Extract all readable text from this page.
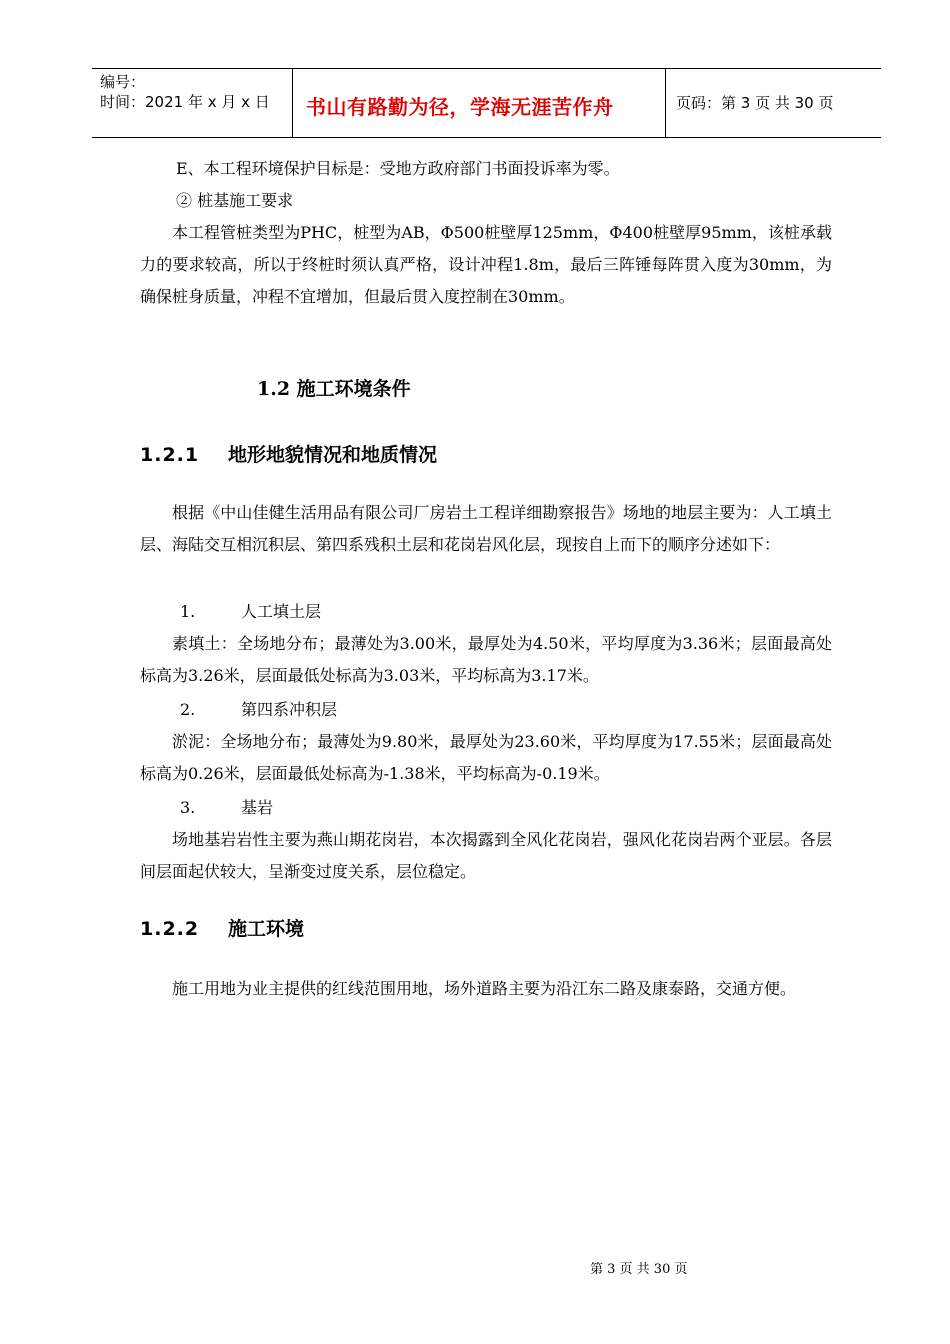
编号：
时间：2021 年 x 月 x 日 书山有路勤为径，学海无涯苦作舟	页码：第 3 页 共 30 页
E、本工程环境保护目标是：受地方政府部门书面投诉率为零。
② 桩基施工要求

本工程管桩类型为PHC，桩型为AB，Φ500桩壁厚125mm，Φ400桩壁厚95mm，该桩承载力的要求较高，所以于终桩时须认真严格，设计冲程1.8m，最后三阵锤每阵贯入度为30mm，为确保桩身质量，冲程不宜增加，但最后贯入度控制在30mm。

1.2 施工环境条件
1.2.1 地形地貌情况和地质情况

根据《中山佳健生活用品有限公司厂房岩土工程详细勘察报告》场地的地层主要为：人工填土层、海陆交互相沉积层、第四系残积土层和花岗岩风化层，现按自上而下的顺序分述如下：

1.	人工填土层

素填土：全场地分布；最薄处为3.00米，最厚处为4.50米，平均厚度为3.36米；层面最高处标高为3.26米，层面最低处标高为3.03米，平均标高为3.17米。

2.	第四系冲积层

淤泥：全场地分布；最薄处为9.80米，最厚处为23.60米，平均厚度为17.55米；层面最高处标高为0.26米，层面最低处标高为-1.38米，平均标高为-0.19米。

3.	基岩

场地基岩岩性主要为燕山期花岗岩，本次揭露到全风化花岗岩，强风化花岗岩两个亚层。各层间层面起伏较大，呈渐变过度关系，层位稳定。

1.2.2 施工环境

施工用地为业主提供的红线范围用地，场外道路主要为沿江东二路及康泰路，交通方便。

第 3 页 共 30 页
